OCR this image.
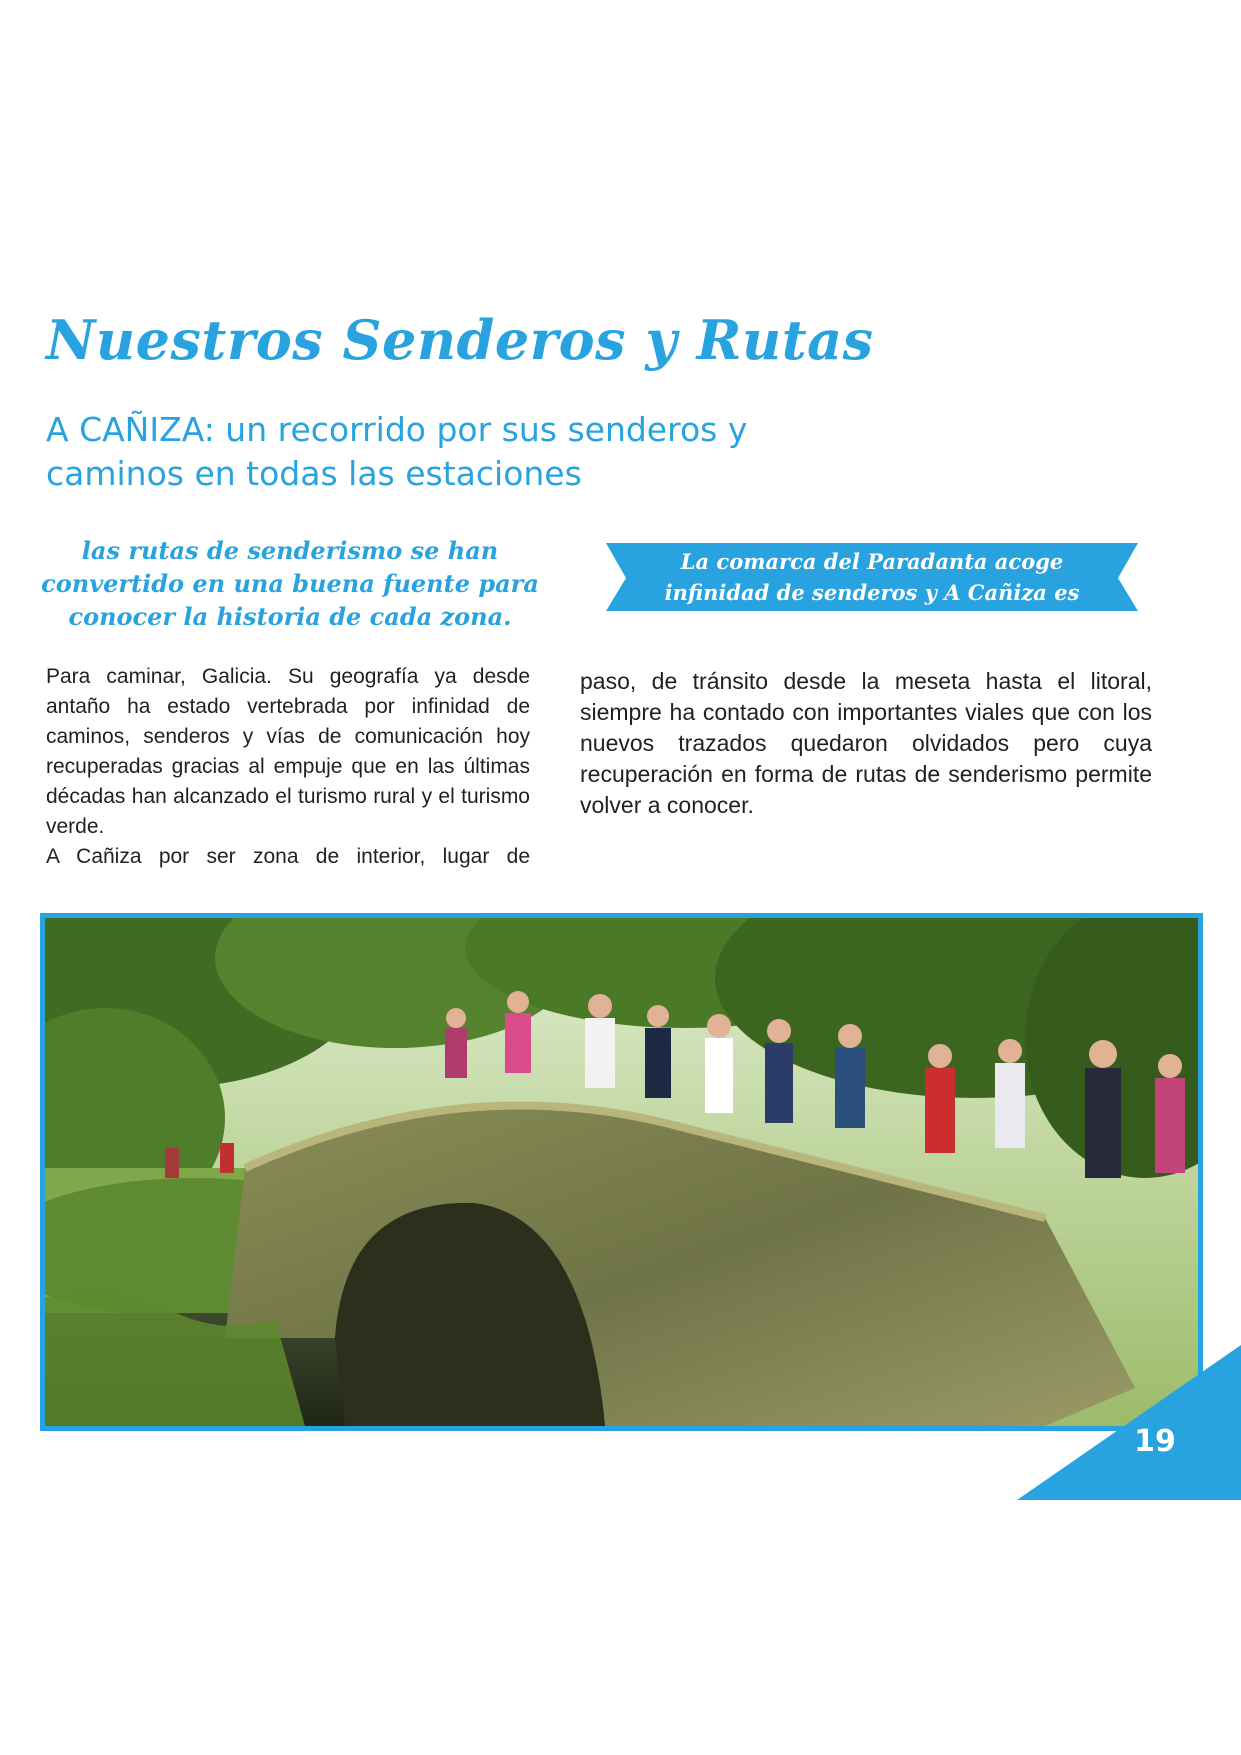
Nuestros Senderos y Rutas
A CAÑIZA: un recorrido por sus senderos y caminos en todas las estaciones

las rutas de senderismo se han convertido en una buena fuente para conocer la historia de cada zona.

La comarca del Paradanta acoge infinidad de senderos y A Cañiza es un vivo ejemplo.

Para caminar, Galicia. Su geografía ya desde antaño ha estado vertebrada por infinidad de caminos, senderos y vías de comunicación hoy recuperadas gracias al empuje que en las últimas décadas han alcanzado el turismo rural y el turismo verde.

A Cañiza por ser zona de interior, lugar de

paso, de tránsito desde la meseta hasta el litoral, siempre ha contado con importantes viales que con los nuevos trazados quedaron olvidados pero cuya recuperación en forma de rutas de senderismo permite volver a conocer.

19
